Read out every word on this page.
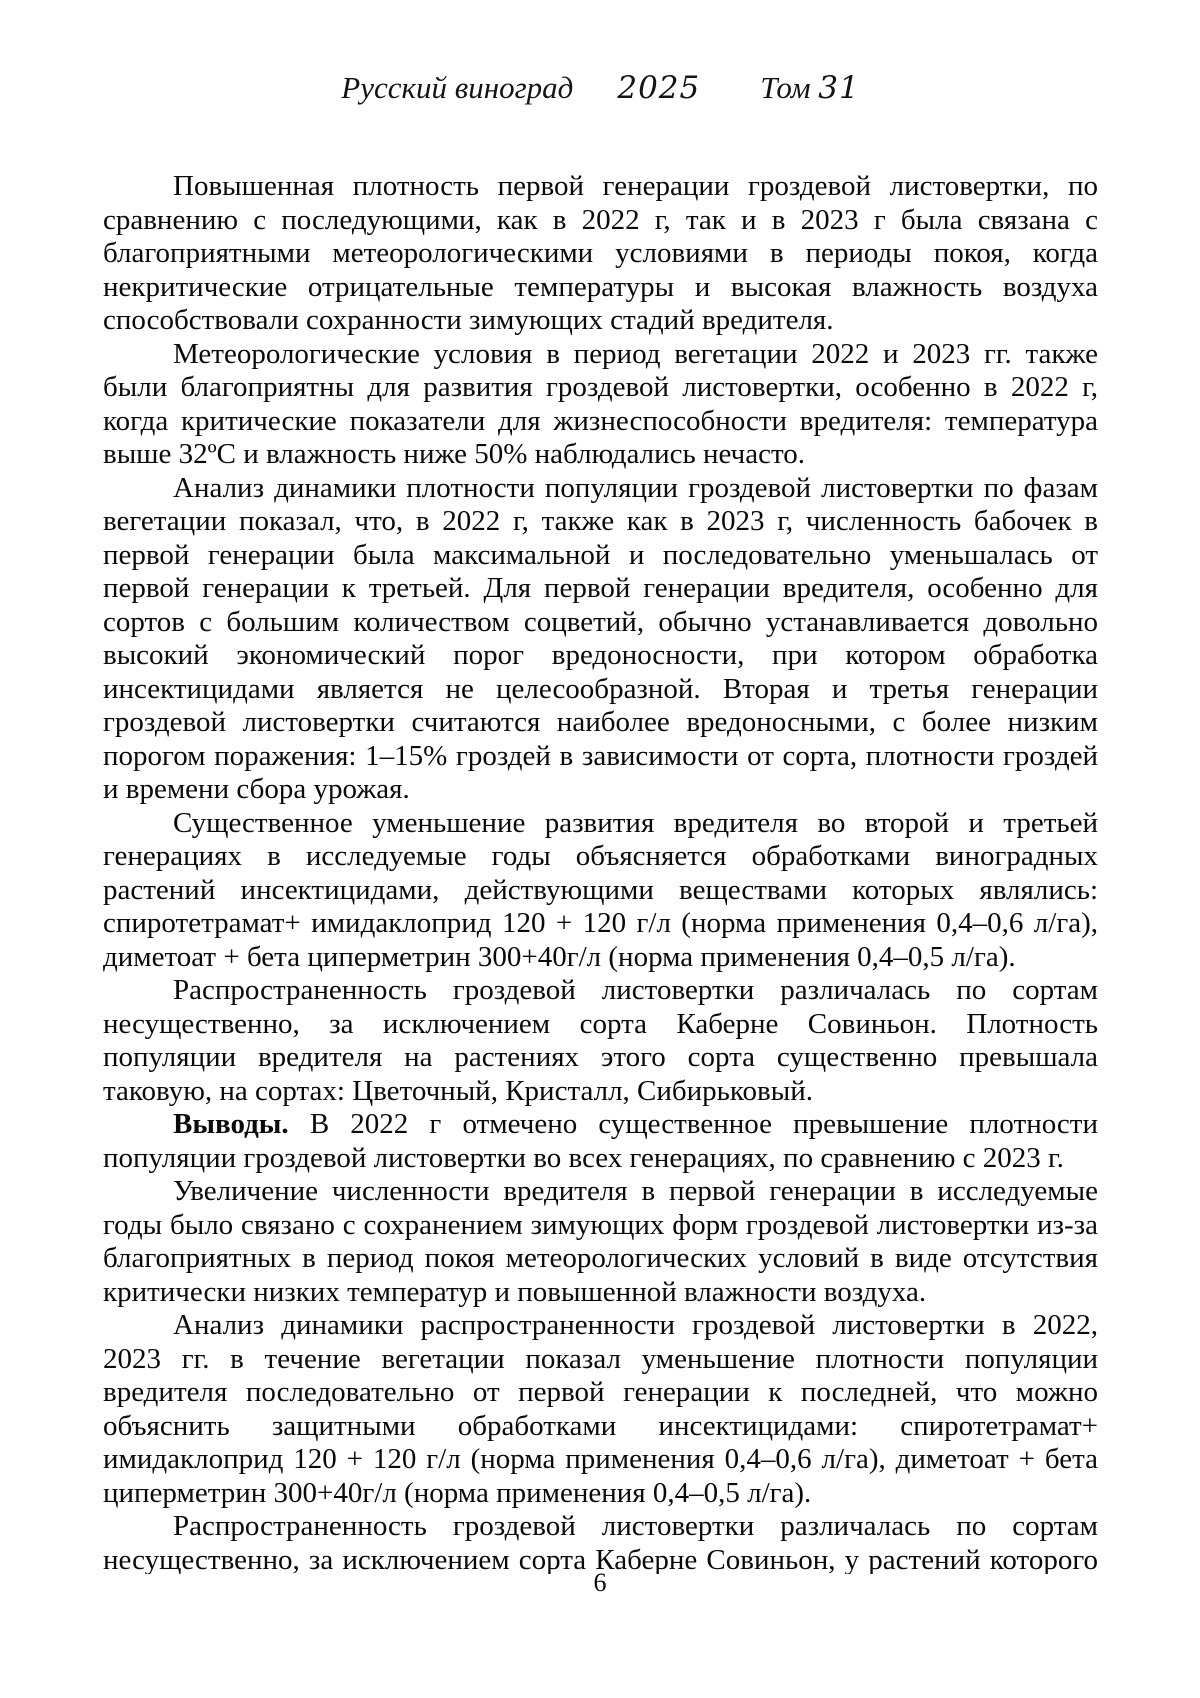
Русский виноград 2025 Том 31

Повышенная плотность первой генерации гроздевой листовертки, по сравнению с последующими, как в 2022 г, так и в 2023 г была связана с благоприятными метеорологическими условиями в периоды покоя, когда некритические отрицательные температуры и высокая влажность воздуха способствовали сохранности зимующих стадий вредителя.

Метеорологические условия в период вегетации 2022 и 2023 гг. также были благоприятны для развития гроздевой листовертки, особенно в 2022 г, когда критические показатели для жизнеспособности вредителя: температура выше 32ºС и влажность ниже 50% наблюдались нечасто.

Анализ динамики плотности популяции гроздевой листовертки по фазам вегетации показал, что, в 2022 г, также как в 2023 г, численность бабочек в первой генерации была максимальной и последовательно уменьшалась от первой генерации к третьей. Для первой генерации вредителя, особенно для сортов с большим количеством соцветий, обычно устанавливается довольно высокий экономический порог вредоносности, при котором обработка инсектицидами является не целесообразной. Вторая и третья генерации гроздевой листовертки считаются наиболее вредоносными, с более низким порогом поражения: 1–15% гроздей в зависимости от сорта, плотности гроздей и времени сбора урожая.

Существенное уменьшение развития вредителя во второй и третьей генерациях в исследуемые годы объясняется обработками виноградных растений инсектицидами, действующими веществами которых являлись: спиротетрамат+ имидаклоприд 120 + 120 г/л (норма применения 0,4–0,6 л/га), диметоат + бета циперметрин 300+40г/л (норма применения 0,4–0,5 л/га).

Распространенность гроздевой листовертки различалась по сортам несущественно, за исключением сорта Каберне Совиньон. Плотность популяции вредителя на растениях этого сорта существенно превышала таковую, на сортах: Цветочный, Кристалл, Сибирьковый.

Выводы. В 2022 г отмечено существенное превышение плотности популяции гроздевой листовертки во всех генерациях, по сравнению с 2023 г.

Увеличение численности вредителя в первой генерации в исследуемые годы было связано с сохранением зимующих форм гроздевой листовертки из-за благоприятных в период покоя метеорологических условий в виде отсутствия критически низких температур и повышенной влажности воздуха.

Анализ динамики распространенности гроздевой листовертки в 2022, 2023 гг. в течение вегетации показал уменьшение плотности популяции вредителя последовательно от первой генерации к последней, что можно объяснить защитными обработками инсектицидами: спиротетрамат+ имидаклоприд 120 + 120 г/л (норма применения 0,4–0,6 л/га), диметоат + бета циперметрин 300+40г/л (норма применения 0,4–0,5 л/га).

Распространенность гроздевой листовертки различалась по сортам несущественно, за исключением сорта Каберне Совиньон, у растений которого

6
